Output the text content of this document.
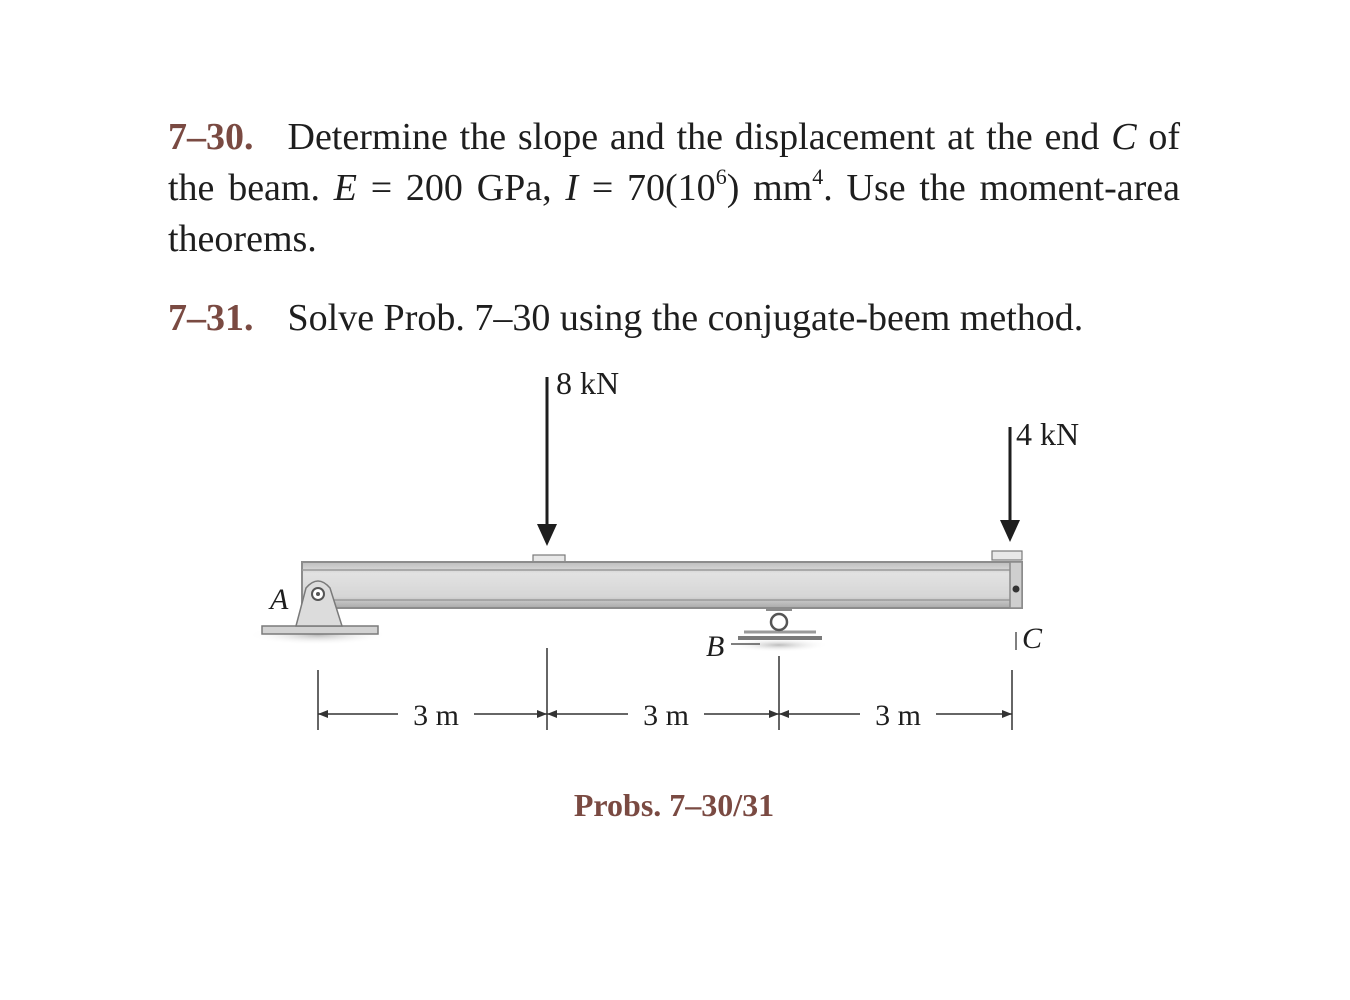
7–30. Determine the slope and the displacement at the end C of the beam. E = 200 GPa, $I = 70(10^6)$ $mm^4$. Use the moment-area theorems.
7–31. Solve Prob. 7–30 using the conjugate-beem method.
8 kN
4 kN
A
B	C
3 m	3 m	3 m
Probs. 7–30/31
